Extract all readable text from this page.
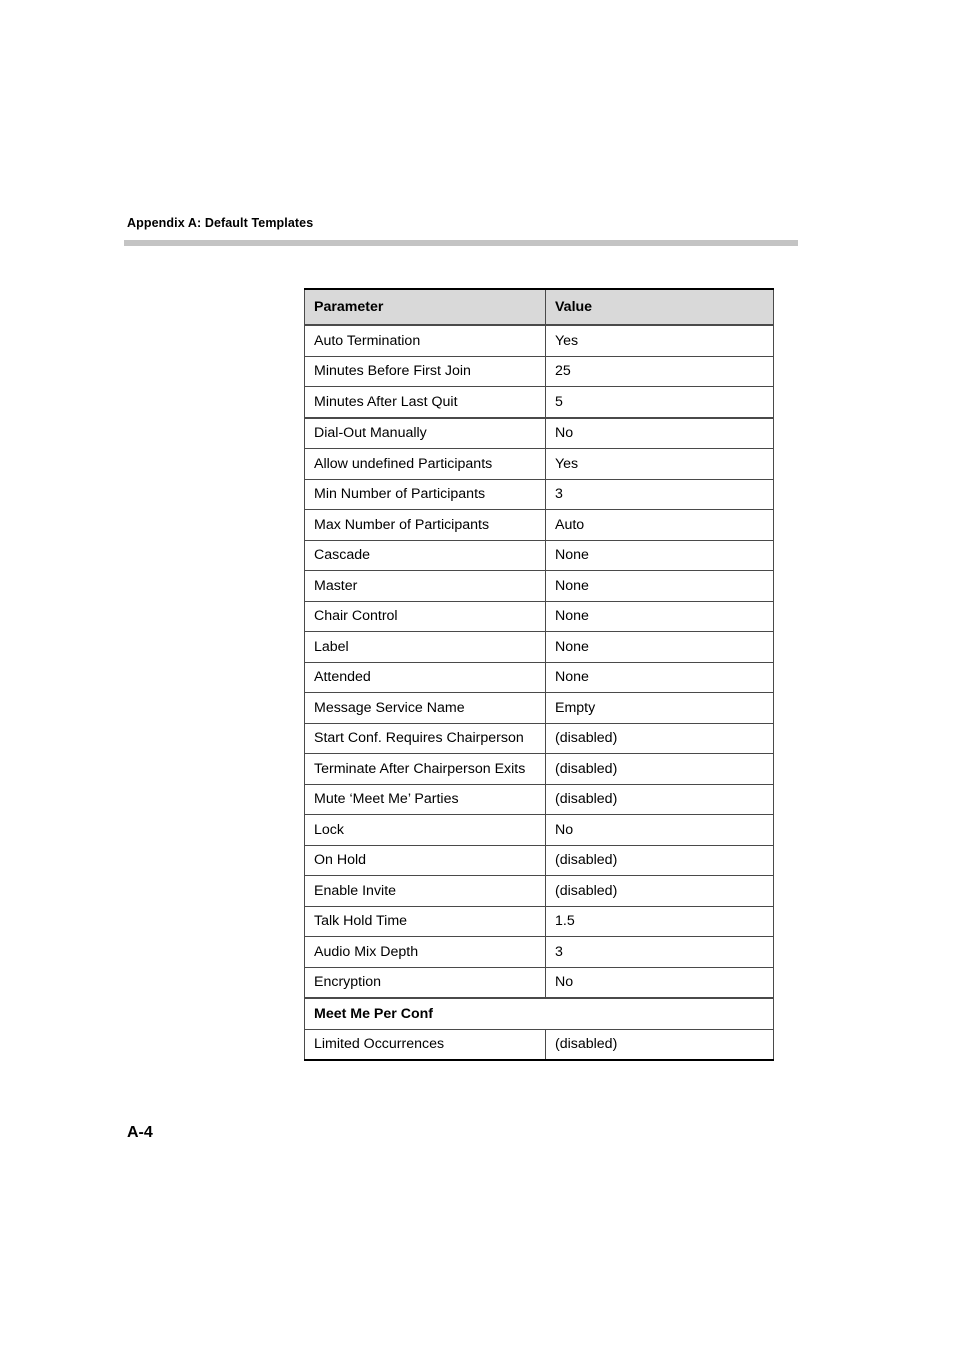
Appendix A: Default Templates
Parameter	Value
Auto Termination	Yes
Minutes Before First Join	25
Minutes After Last Quit	5
Dial-Out Manually	No
Allow undefined Participants	Yes
Min Number of Participants	3
Max Number of Participants	Auto
Cascade	None
Master	None
Chair Control	None
Label	None
Attended	None
Message Service Name	Empty
Start Conf. Requires Chairperson	(disabled)
Terminate After Chairperson Exits	(disabled)
Mute ‘Meet Me’ Parties	(disabled)
Lock	No
On Hold	(disabled)
Enable Invite	(disabled)
Talk Hold Time	1.5
Audio Mix Depth	3
Encryption	No
Meet Me Per Conf	
Limited Occurrences	(disabled)
A-4
